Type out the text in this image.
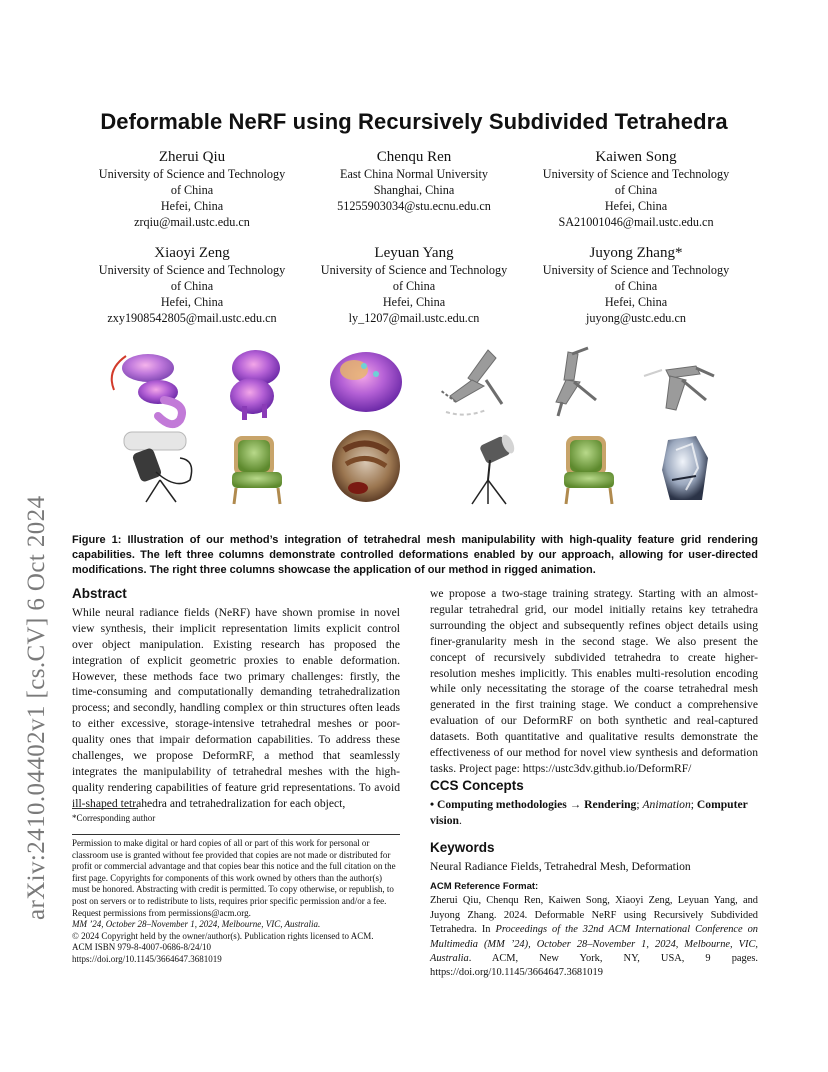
Deformable NeRF using Recursively Subdivided Tetrahedra
Zherui Qiu
University of Science and Technology
of China
Hefei, China
zrqiu@mail.ustc.edu.cn
Chenqu Ren
East China Normal University
Shanghai, China
51255903034@stu.ecnu.edu.cn
Kaiwen Song
University of Science and Technology
of China
Hefei, China
SA21001046@mail.ustc.edu.cn
Xiaoyi Zeng
University of Science and Technology
of China
Hefei, China
zxy1908542805@mail.ustc.edu.cn
Leyuan Yang
University of Science and Technology
of China
Hefei, China
ly_1207@mail.ustc.edu.cn
Juyong Zhang*
University of Science and Technology
of China
Hefei, China
juyong@ustc.edu.cn
arXiv:2410.04402v1 [cs.CV] 6 Oct 2024 Figure 1: Illustration of our method’s integration of tetrahedral mesh manipulability with high-quality feature grid rendering capabilities. The left three columns demonstrate controlled deformations enabled by our approach, allowing for user-directed modifications. The right three columns showcase the application of our method in rigged animation.
Abstract
While neural radiance fields (NeRF) have shown promise in novel view synthesis, their implicit representation limits explicit control over object manipulation. Existing research has proposed the integration of explicit geometric proxies to enable deformation. However, these methods face two primary challenges: firstly, the time-consuming and computationally demanding tetrahedralization process; and secondly, handling complex or thin structures often leads to either excessive, storage-intensive tetrahedral meshes or poor-quality ones that impair deformation capabilities. To address these challenges, we propose DeformRF, a method that seamlessly integrates the manipulability of tetrahedral meshes with the high-quality rendering capabilities of feature grid representations. To avoid ill-shaped tetrahedra and tetrahedralization for each object,
*Corresponding author
Permission to make digital or hard copies of all or part of this work for personal or classroom use is granted without fee provided that copies are not made or distributed for profit or commercial advantage and that copies bear this notice and the full citation on the first page. Copyrights for components of this work owned by others than the author(s) must be honored. Abstracting with credit is permitted. To copy otherwise, or republish, to post on servers or to redistribute to lists, requires prior specific permission and/or a fee. Request permissions from permissions@acm.org.
MM ’24, October 28–November 1, 2024, Melbourne, VIC, Australia.
© 2024 Copyright held by the owner/author(s). Publication rights licensed to ACM.
ACM ISBN 979-8-4007-0686-8/24/10
https://doi.org/10.1145/3664647.3681019
we propose a two-stage training strategy. Starting with an almost-regular tetrahedral grid, our model initially retains key tetrahedra surrounding the object and subsequently refines object details using finer-granularity mesh in the second stage. We also present the concept of recursively subdivided tetrahedra to create higher-resolution meshes implicitly. This enables multi-resolution encoding while only necessitating the storage of the coarse tetrahedral mesh generated in the first training stage. We conduct a comprehensive evaluation of our DeformRF on both synthetic and real-captured datasets. Both quantitative and qualitative results demonstrate the effectiveness of our method for novel view synthesis and deformation tasks. Project page: https://ustc3dv.github.io/DeformRF/
CCS Concepts
• Computing methodologies → Rendering; Animation; Computer vision.
Keywords
Neural Radiance Fields, Tetrahedral Mesh, Deformation
ACM Reference Format:
Zherui Qiu, Chenqu Ren, Kaiwen Song, Xiaoyi Zeng, Leyuan Yang, and Juyong Zhang. 2024. Deformable NeRF using Recursively Subdivided Tetrahedra. In Proceedings of the 32nd ACM International Conference on Multimedia (MM ’24), October 28–November 1, 2024, Melbourne, VIC, Australia. ACM, New York, NY, USA, 9 pages. https://doi.org/10.1145/3664647.3681019
